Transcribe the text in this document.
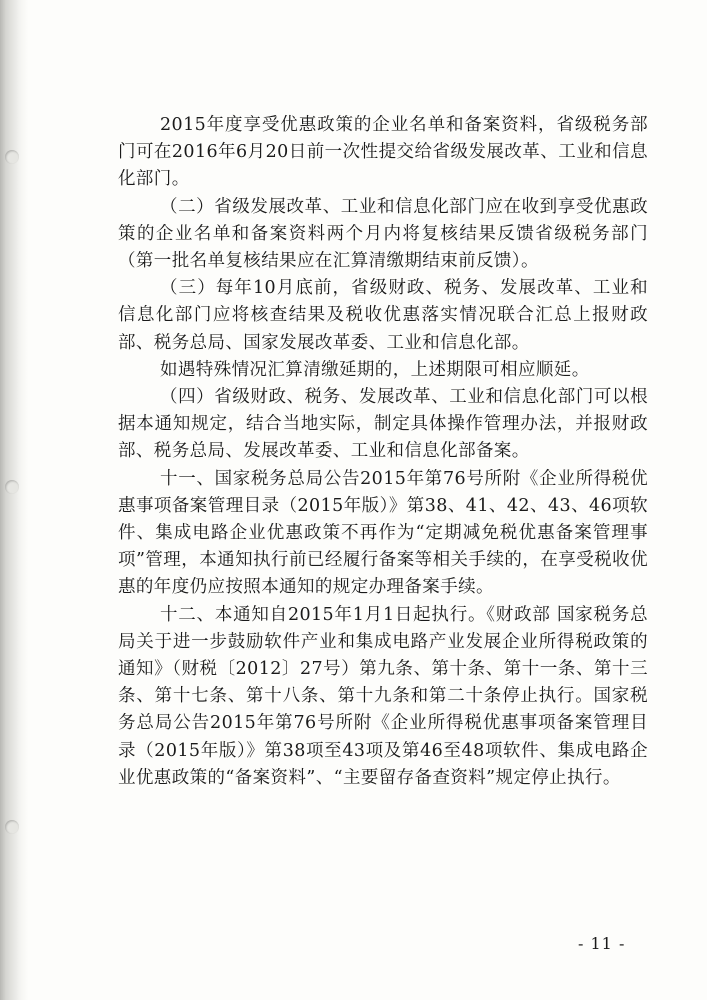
2015年度享受优惠政策的企业名单和备案资料，省级税务部门可在2016年6月20日前一次性提交给省级发展改革、工业和信息化部门。

（二）省级发展改革、工业和信息化部门应在收到享受优惠政策的企业名单和备案资料两个月内将复核结果反馈省级税务部门（第一批名单复核结果应在汇算清缴期结束前反馈）。

（三）每年10月底前，省级财政、税务、发展改革、工业和信息化部门应将核查结果及税收优惠落实情况联合汇总上报财政部、税务总局、国家发展改革委、工业和信息化部。

如遇特殊情况汇算清缴延期的，上述期限可相应顺延。

（四）省级财政、税务、发展改革、工业和信息化部门可以根据本通知规定，结合当地实际，制定具体操作管理办法，并报财政部、税务总局、发展改革委、工业和信息化部备案。

十一、国家税务总局公告2015年第76号所附《企业所得税优惠事项备案管理目录（2015年版）》第38、41、42、43、46项软件、集成电路企业优惠政策不再作为“定期减免税优惠备案管理事项”管理，本通知执行前已经履行备案等相关手续的，在享受税收优惠的年度仍应按照本通知的规定办理备案手续。

十二、本通知自2015年1月1日起执行。《财政部 国家税务总局关于进一步鼓励软件产业和集成电路产业发展企业所得税政策的通知》（财税〔2012〕27号）第九条、第十条、第十一条、第十三条、第十七条、第十八条、第十九条和第二十条停止执行。国家税务总局公告2015年第76号所附《企业所得税优惠事项备案管理目录（2015年版）》第38项至43项及第46至48项软件、集成电路企业优惠政策的“备案资料”、“主要留存备查资料”规定停止执行。

- 11 -
